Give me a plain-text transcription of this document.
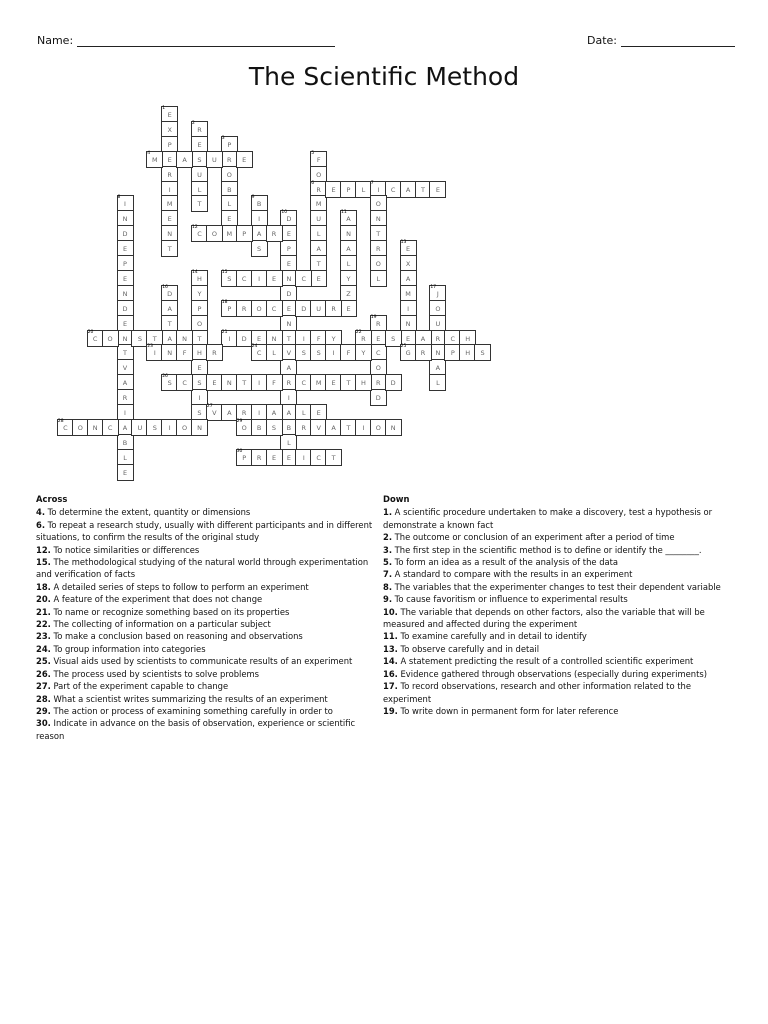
Name:	Date:
The Scientific Method
1
E
X
P
E
R
I
M
E
N
T
2
R
E
S
U
L
T
3
P
R
O
B
L
E
M
4
M	A	U	E
5
F
O
6
R
M
U
L
A
T
E
E	P	L
7
I	C	A	T	E
O
N
T
R
O
L
8
I
N
D
E
P
E
N
D
E
N
T
V
A
R
I
A
B
L
E
9
B
I
A
S
10
D
E
P
E
N
D
E
N
T
V
A
R
I
A
B
L
E
11
A
N
A
L
Y
Z
E
12
C	O	P	R
13
E
X
A
M
I
N
E
14
H
Y
P
O
T
H
E
S
I
S
15
S	C	I	E	C
16
D
A
T
A
17
J
O
U
R
N
A
L
18
P	R	O	C	D	U	R
19
R
E
C
O
R
D
20
C	O	S	T	N
21
I	D	E	N	I	F	Y
22
R	S	A	C	H
23
I	N	F	R
24
C	L	S	S	I	F	Y
25
G	R	P	H	S
26
S	C	E	N	T	I	F	C	M	E	T	H	D
27
V	A	R	I	A	L	E
28
C	O	N	C	U	S	I	O	N
29
O	B	S	R	V	A	T	I	O	N
30
P	R	E	I	C	T
Across

4. To determine the extent, quantity or dimensions

6. To repeat a research study, usually with different participants and in different situations, to confirm the results of the original study

12. To notice similarities or differences

15. The methodological studying of the natural world through experimentation and verification of facts

18. A detailed series of steps to follow to perform an experiment

20. A feature of the experiment that does not change

21. To name or recognize something based on its properties

22. The collecting of information on a particular subject

23. To make a conclusion based on reasoning and observations

24. To group information into categories

25. Visual aids used by scientists to communicate results of an experiment

26. The process used by scientists to solve problems

27. Part of the experiment capable to change

28. What a scientist writes summarizing the results of an experiment

29. The action or process of examining something carefully in order to

30. Indicate in advance on the basis of observation, experience or scientific reason

Down

1. A scientific procedure undertaken to make a discovery, test a hypothesis or demonstrate a known fact

2. The outcome or conclusion of an experiment after a period of time

3. The first step in the scientific method is to define or identify the ________.

5. To form an idea as a result of the analysis of the data

7. A standard to compare with the results in an experiment

8. The variables that the experimenter changes to test their dependent variable

9. To cause favoritism or influence to experimental results

10. The variable that depends on other factors, also the variable that will be measured and affected during the experiment

11. To examine carefully and in detail to identify

13. To observe carefully and in detail

14. A statement predicting the result of a controlled scientific experiment

16. Evidence gathered through observations (especially during experiments)

17. To record observations, research and other information related to the experiment

19. To write down in permanent form for later reference
